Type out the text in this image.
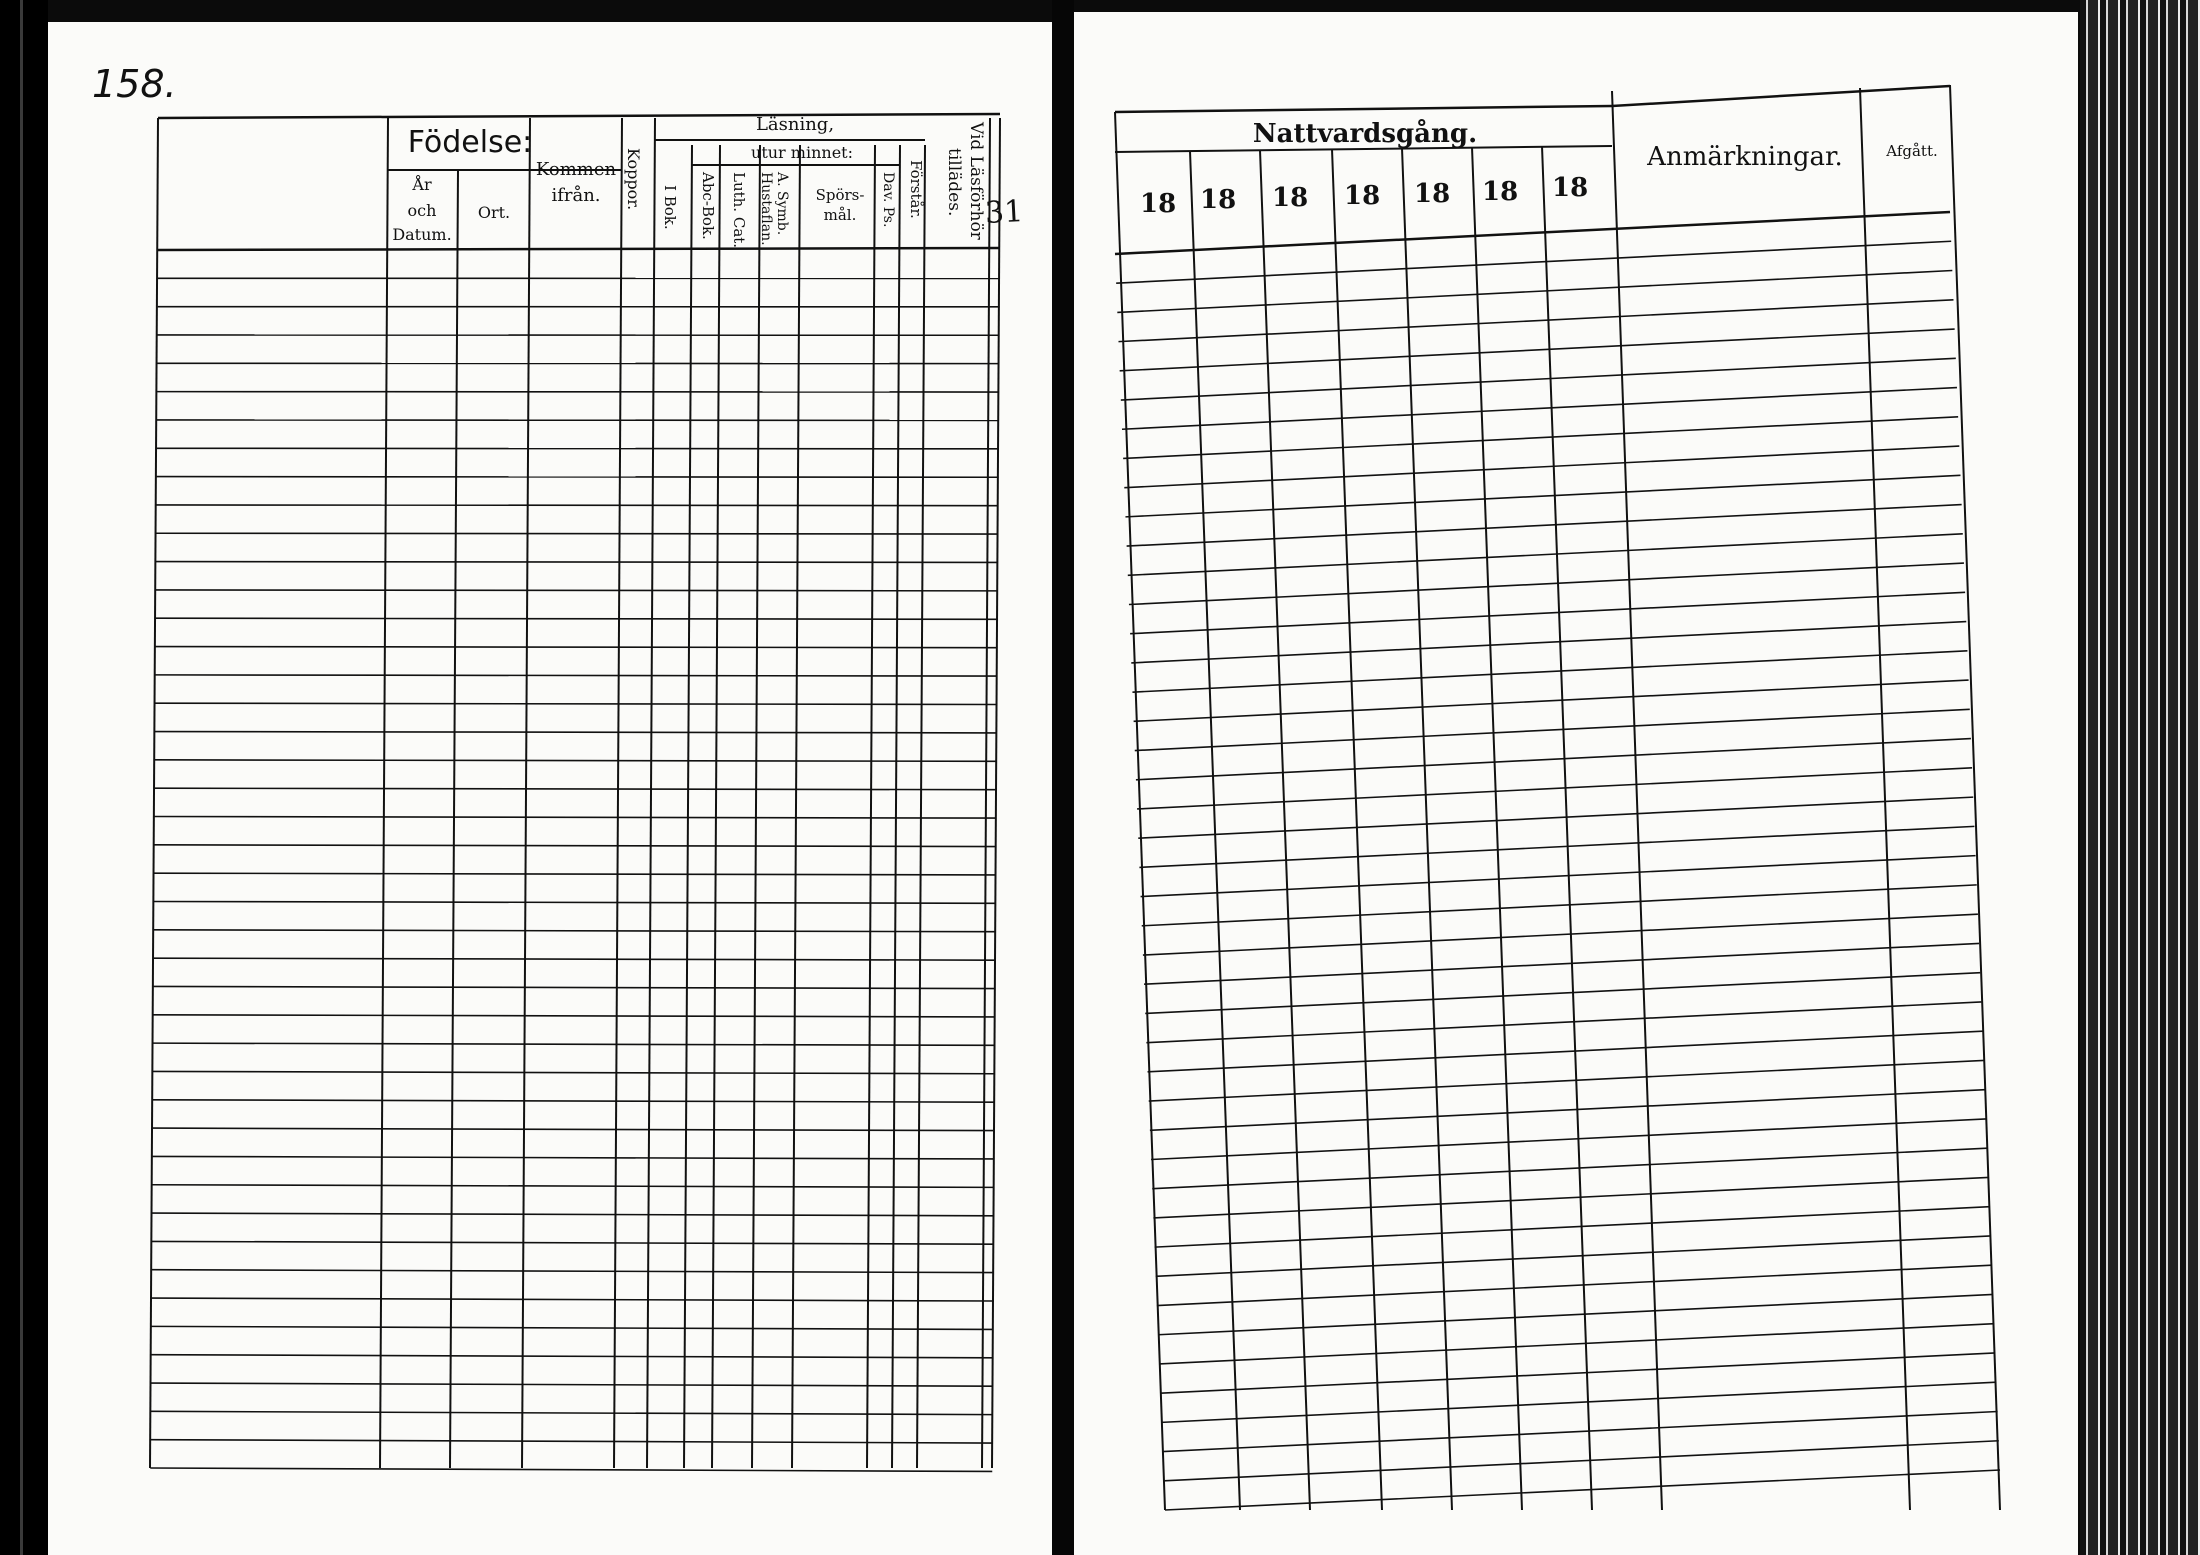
158.
Födelse:
År
och
Datum.
Ort.
Kommen
ifrån. Koppor.
Läsning,
utur minnet:
I Bok. Abc-Bok. Luth. Cat. A. Symb.
Hustaflan.	Spörs-
mål. Dav. Ps. Förstår. Vid Läsförhör
tillädes.
Nattvardsgång.
18 18 18 18 18 18 18
Anmärkningar.	Afgått.
31
